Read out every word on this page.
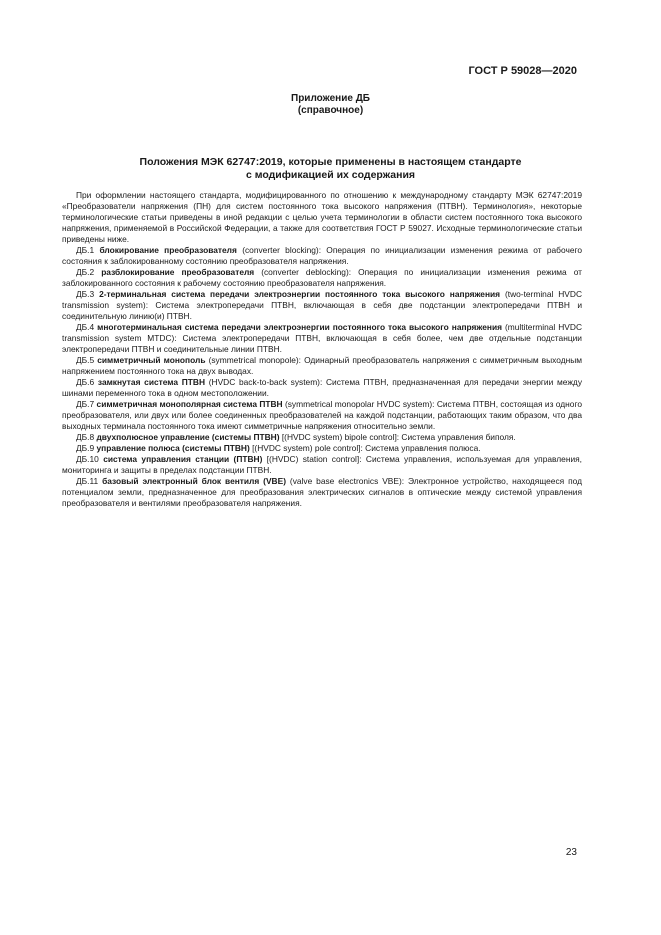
ГОСТ Р 59028—2020
Приложение ДБ
(справочное)
Положения МЭК 62747:2019, которые применены в настоящем стандарте
с модификацией их содержания

При оформлении настоящего стандарта, модифицированного по отношению к международному стандарту МЭК 62747:2019 «Преобразователи напряжения (ПН) для систем постоянного тока высокого напряжения (ПТВН). Терминология», некоторые терминологические статьи приведены в иной редакции с целью учета терминологии в области систем постоянного тока высокого напряжения, применяемой в Российской Федерации, а также для соответствия ГОСТ Р 59027. Исходные терминологические статьи приведены ниже.

ДБ.1 блокирование преобразователя (converter blocking): Операция по инициализации изменения режима от рабочего состояния к заблокированному состоянию преобразователя напряжения.

ДБ.2 разблокирование преобразователя (converter deblocking): Операция по инициализации изменения режима от заблокированного состояния к рабочему состоянию преобразователя напряжения.

ДБ.3 2-терминальная система передачи электроэнергии постоянного тока высокого напряжения (two-terminal HVDC transmission system): Система электропередачи ПТВН, включающая в себя две подстанции электропередачи ПТВН и соединительную линию(и) ПТВН.

ДБ.4 многотерминальная система передачи электроэнергии постоянного тока высокого напряжения (multiterminal HVDC transmission system MTDC): Система электропередачи ПТВН, включающая в себя более, чем две отдельные подстанции электропередачи ПТВН и соединительные линии ПТВН.

ДБ.5 симметричный монополь (symmetrical monopole): Одинарный преобразователь напряжения с симметричным выходным напряжением постоянного тока на двух выводах.

ДБ.6 замкнутая система ПТВН (HVDC back-to-back system): Система ПТВН, предназначенная для передачи энергии между шинами переменного тока в одном местоположении.

ДБ.7 симметричная монополярная система ПТВН (symmetrical monopolar HVDC system): Система ПТВН, состоящая из одного преобразователя, или двух или более соединенных преобразователей на каждой подстанции, работающих таким образом, что два выходных терминала постоянного тока имеют симметричные напряжения относительно земли.

ДБ.8 двухполюсное управление (системы ПТВН) [(HVDC system) bipole control]: Система управления биполя.

ДБ.9 управление полюса (системы ПТВН) [(HVDC system) pole control]: Система управления полюса.

ДБ.10 система управления станции (ПТВН) [(HVDC) station control]: Система управления, используемая для управления, мониторинга и защиты в пределах подстанции ПТВН.

ДБ.11 базовый электронный блок вентиля (VBE) (valve base electronics VBE): Электронное устройство, находящееся под потенциалом земли, предназначенное для преобразования электрических сигналов в оптические между системой управления преобразователя и вентилями преобразователя напряжения.

23
